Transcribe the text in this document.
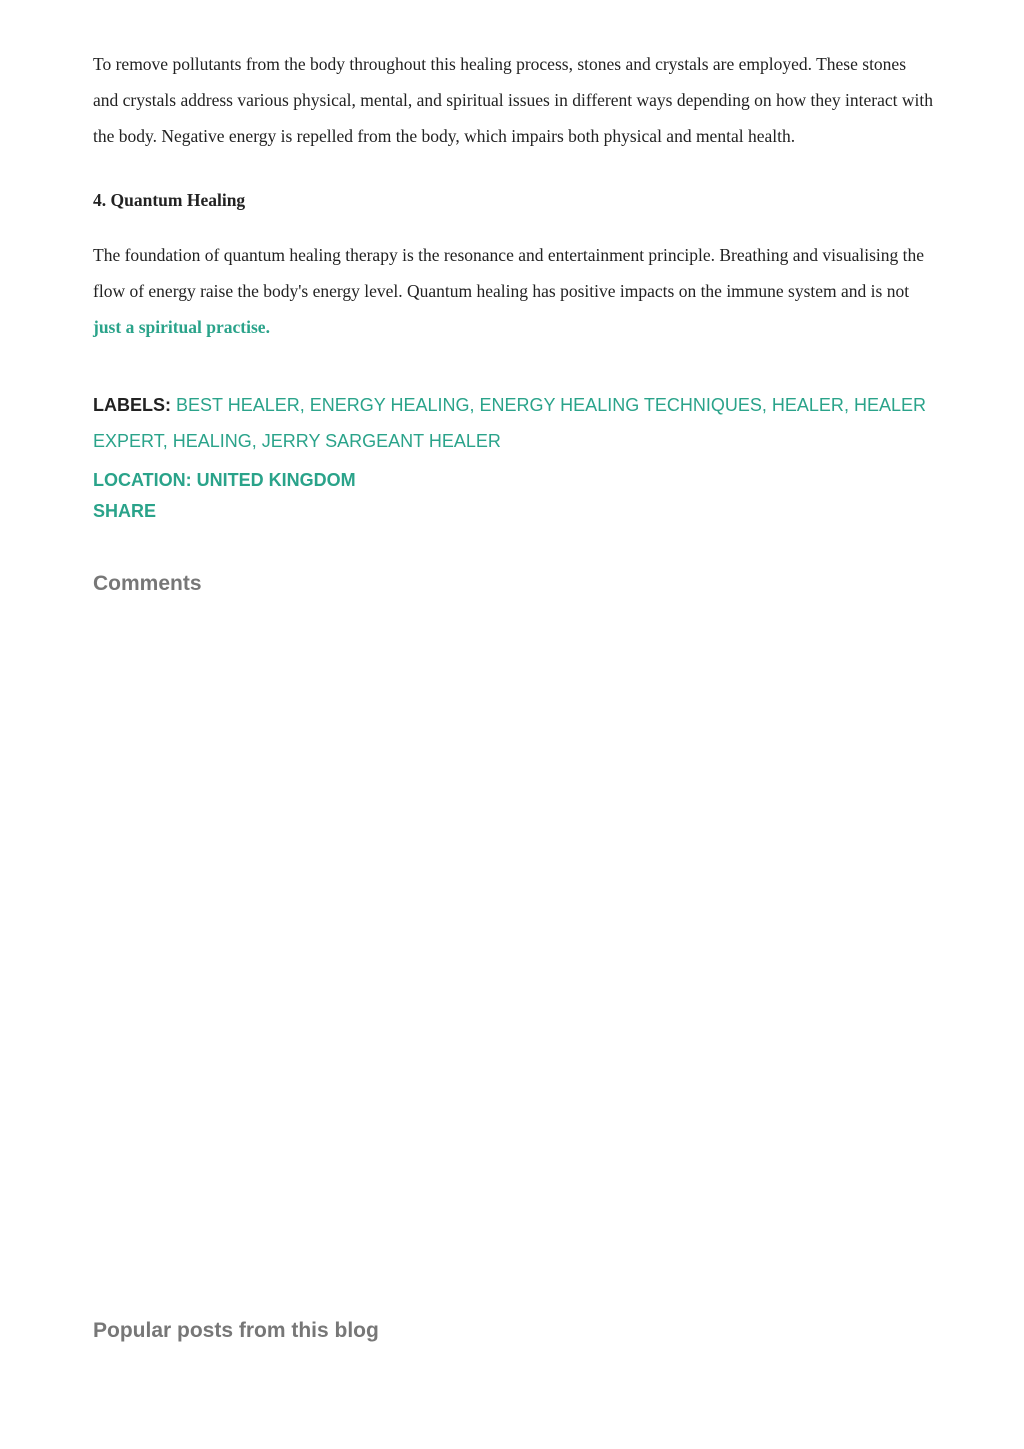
To remove pollutants from the body throughout this healing process, stones and crystals are employed. These stones and crystals address various physical, mental, and spiritual issues in different ways depending on how they interact with the body. Negative energy is repelled from the body, which impairs both physical and mental health.

4. Quantum Healing

The foundation of quantum healing therapy is the resonance and entertainment principle. Breathing and visualising the flow of energy raise the body's energy level. Quantum healing has positive impacts on the immune system and is not just a spiritual practise.

LABELS: BEST HEALER, ENERGY HEALING, ENERGY HEALING TECHNIQUES, HEALER, HEALER EXPERT, HEALING, JERRY SARGEANT HEALER
LOCATION: UNITED KINGDOM
SHARE
Comments
Popular posts from this blog
